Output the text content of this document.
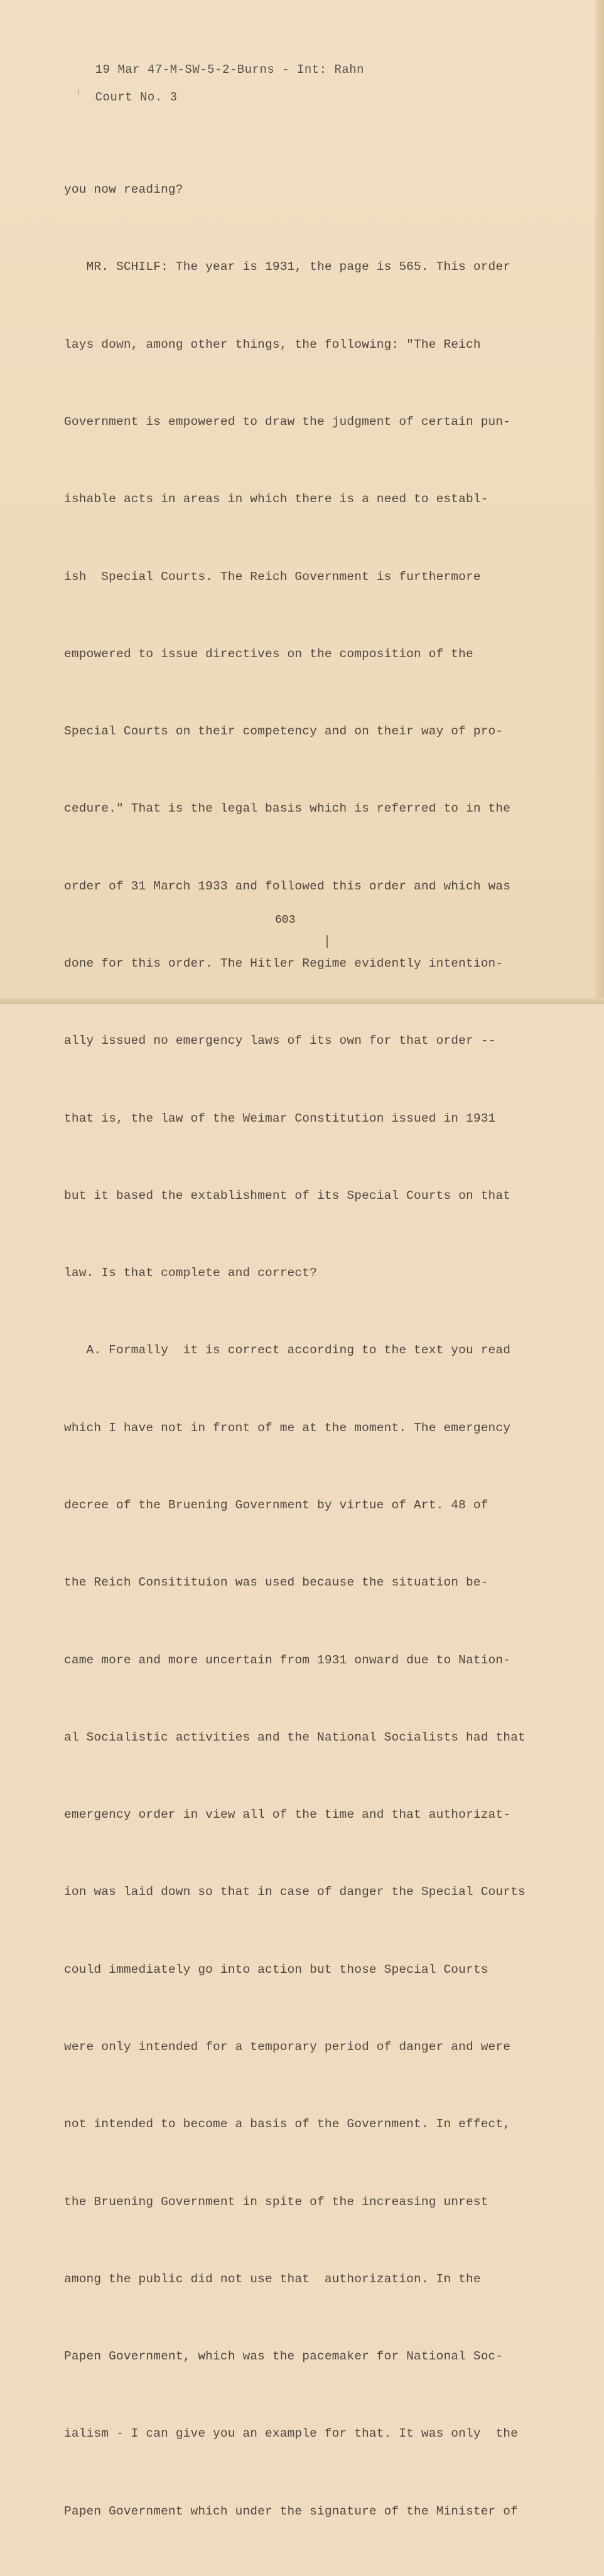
19 Mar 47-M-SW-5-2-Burns - Int: Rahn

Court No. 3

you now reading?

MR. SCHILF: The year is 1931, the page is 565. This order

lays down, among other things, the following: "The Reich

Government is empowered to draw the judgment of certain pun-

ishable acts in areas in which there is a need to establ-

ish  Special Courts. The Reich Government is furthermore

empowered to issue directives on the composition of the

Special Courts on their competency and on their way of pro-

cedure." That is the legal basis which is referred to in the

order of 31 March 1933 and followed this order and which was

done for this order. The Hitler Regime evidently intention-

ally issued no emergency laws of its own for that order --

that is, the law of the Weimar Constitution issued in 1931

but it based the extablishment of its Special Courts on that

law. Is that complete and correct?

A. Formally  it is correct according to the text you read

which I have not in front of me at the moment. The emergency

decree of the Bruening Government by virtue of Art. 48 of

the Reich Consitituion was used because the situation be-

came more and more uncertain from 1931 onward due to Nation-

al Socialistic activities and the National Socialists had that

emergency order in view all of the time and that authorizat-

ion was laid down so that in case of danger the Special Courts

could immediately go into action but those Special Courts

were only intended for a temporary period of danger and were

not intended to become a basis of the Government. In effect,

the Bruening Government in spite of the increasing unrest

among the public did not use that  authorization. In the

Papen Government, which was the pacemaker for National Soc-

ialism - I can give you an example for that. It was only  the

Papen Government which under the signature of the Minister of

603
